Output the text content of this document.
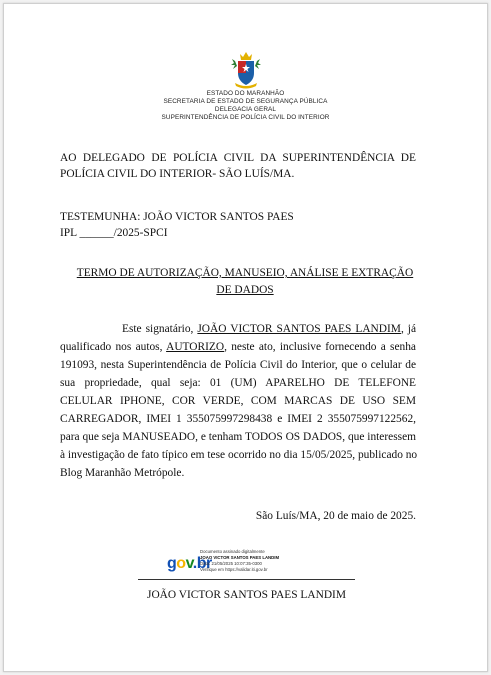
ESTADO DO MARANHÃO
SECRETARIA DE ESTADO DE SEGURANÇA PÚBLICA
DELEGACIA GERAL
SUPERINTENDÊNCIA DE POLÍCIA CIVIL DO INTERIOR
AO DELEGADO DE POLÍCIA CIVIL DA SUPERINTENDÊNCIA DE
POLÍCIA CIVIL DO INTERIOR- SÃO LUÍS/MA.
TESTEMUNHA: JOÃO VICTOR SANTOS PAES
IPL ______/2025-SPCI
TERMO DE AUTORIZAÇÃO, MANUSEIO, ANÁLISE E EXTRAÇÃO
DE DADOS
Este signatário, JOÃO VICTOR SANTOS PAES LANDIM, já
qualificado nos autos, AUTORIZO, neste ato, inclusive fornecendo a senha
191093, nesta Superintendência de Polícia Civil do Interior, que o celular de
sua propriedade, qual seja: 01 (UM) APARELHO DE TELEFONE
CELULAR IPHONE, COR VERDE, COM MARCAS DE USO SEM
CARREGADOR, IMEI 1 355075997298438 e IMEI 2 355075997122562,
para que seja MANUSEADO, e tenham TODOS OS DADOS, que interessem
à investigação de fato típico em tese ocorrido no dia 15/05/2025, publicado no
Blog Maranhão Metrópole.
São Luís/MA, 20 de maio de 2025.
gov.br
Documento assinado digitalmente
JOAO VICTOR SANTOS PAES LANDIM
Data: 21/05/2025 10:07:35-0300
Verifique em https://validar.iti.gov.br
JOÃO VICTOR SANTOS PAES LANDIM
